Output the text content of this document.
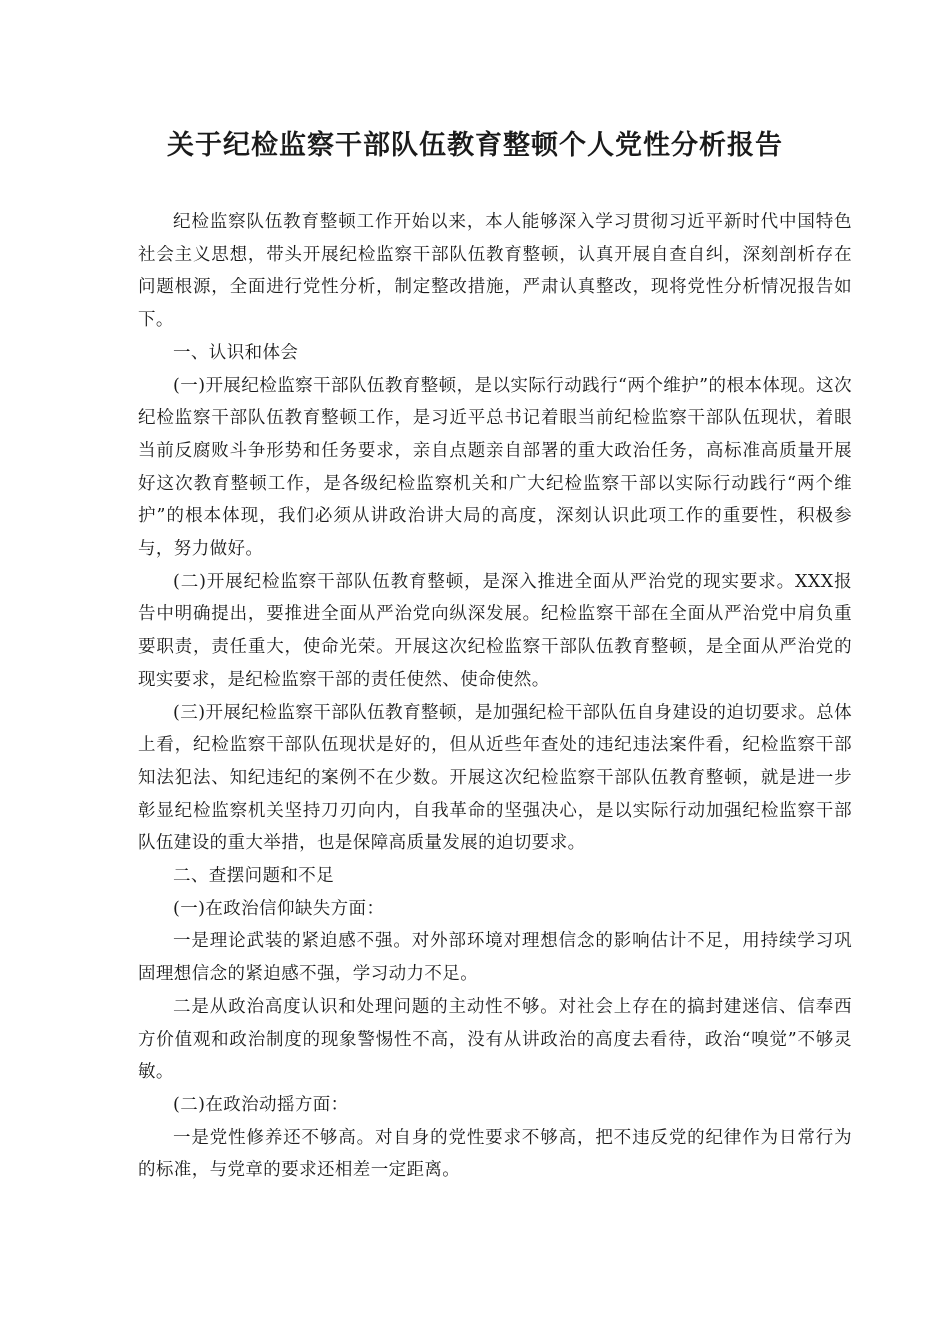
关于纪检监察干部队伍教育整顿个人党性分析报告

纪检监察队伍教育整顿工作开始以来，本人能够深入学习贯彻习近平新时代中国特色社会主义思想，带头开展纪检监察干部队伍教育整顿，认真开展自查自纠，深刻剖析存在问题根源，全面进行党性分析，制定整改措施，严肃认真整改，现将党性分析情况报告如下。

一、认识和体会

(一)开展纪检监察干部队伍教育整顿，是以实际行动践行“两个维护”的根本体现。这次纪检监察干部队伍教育整顿工作，是习近平总书记着眼当前纪检监察干部队伍现状，着眼当前反腐败斗争形势和任务要求，亲自点题亲自部署的重大政治任务，高标准高质量开展好这次教育整顿工作，是各级纪检监察机关和广大纪检监察干部以实际行动践行“两个维护”的根本体现，我们必须从讲政治讲大局的高度，深刻认识此项工作的重要性，积极参与，努力做好。

(二)开展纪检监察干部队伍教育整顿，是深入推进全面从严治党的现实要求。XXX报告中明确提出，要推进全面从严治党向纵深发展。纪检监察干部在全面从严治党中肩负重要职责，责任重大，使命光荣。开展这次纪检监察干部队伍教育整顿，是全面从严治党的现实要求，是纪检监察干部的责任使然、使命使然。

(三)开展纪检监察干部队伍教育整顿，是加强纪检干部队伍自身建设的迫切要求。总体上看，纪检监察干部队伍现状是好的，但从近些年查处的违纪违法案件看，纪检监察干部知法犯法、知纪违纪的案例不在少数。开展这次纪检监察干部队伍教育整顿，就是进一步彰显纪检监察机关坚持刀刃向内，自我革命的坚强决心，是以实际行动加强纪检监察干部队伍建设的重大举措，也是保障高质量发展的迫切要求。

二、查摆问题和不足

(一)在政治信仰缺失方面：

一是理论武装的紧迫感不强。对外部环境对理想信念的影响估计不足，用持续学习巩固理想信念的紧迫感不强，学习动力不足。

二是从政治高度认识和处理问题的主动性不够。对社会上存在的搞封建迷信、信奉西方价值观和政治制度的现象警惕性不高，没有从讲政治的高度去看待，政治“嗅觉”不够灵敏。

(二)在政治动摇方面：

一是党性修养还不够高。对自身的党性要求不够高，把不违反党的纪律作为日常行为的标准，与党章的要求还相差一定距离。
